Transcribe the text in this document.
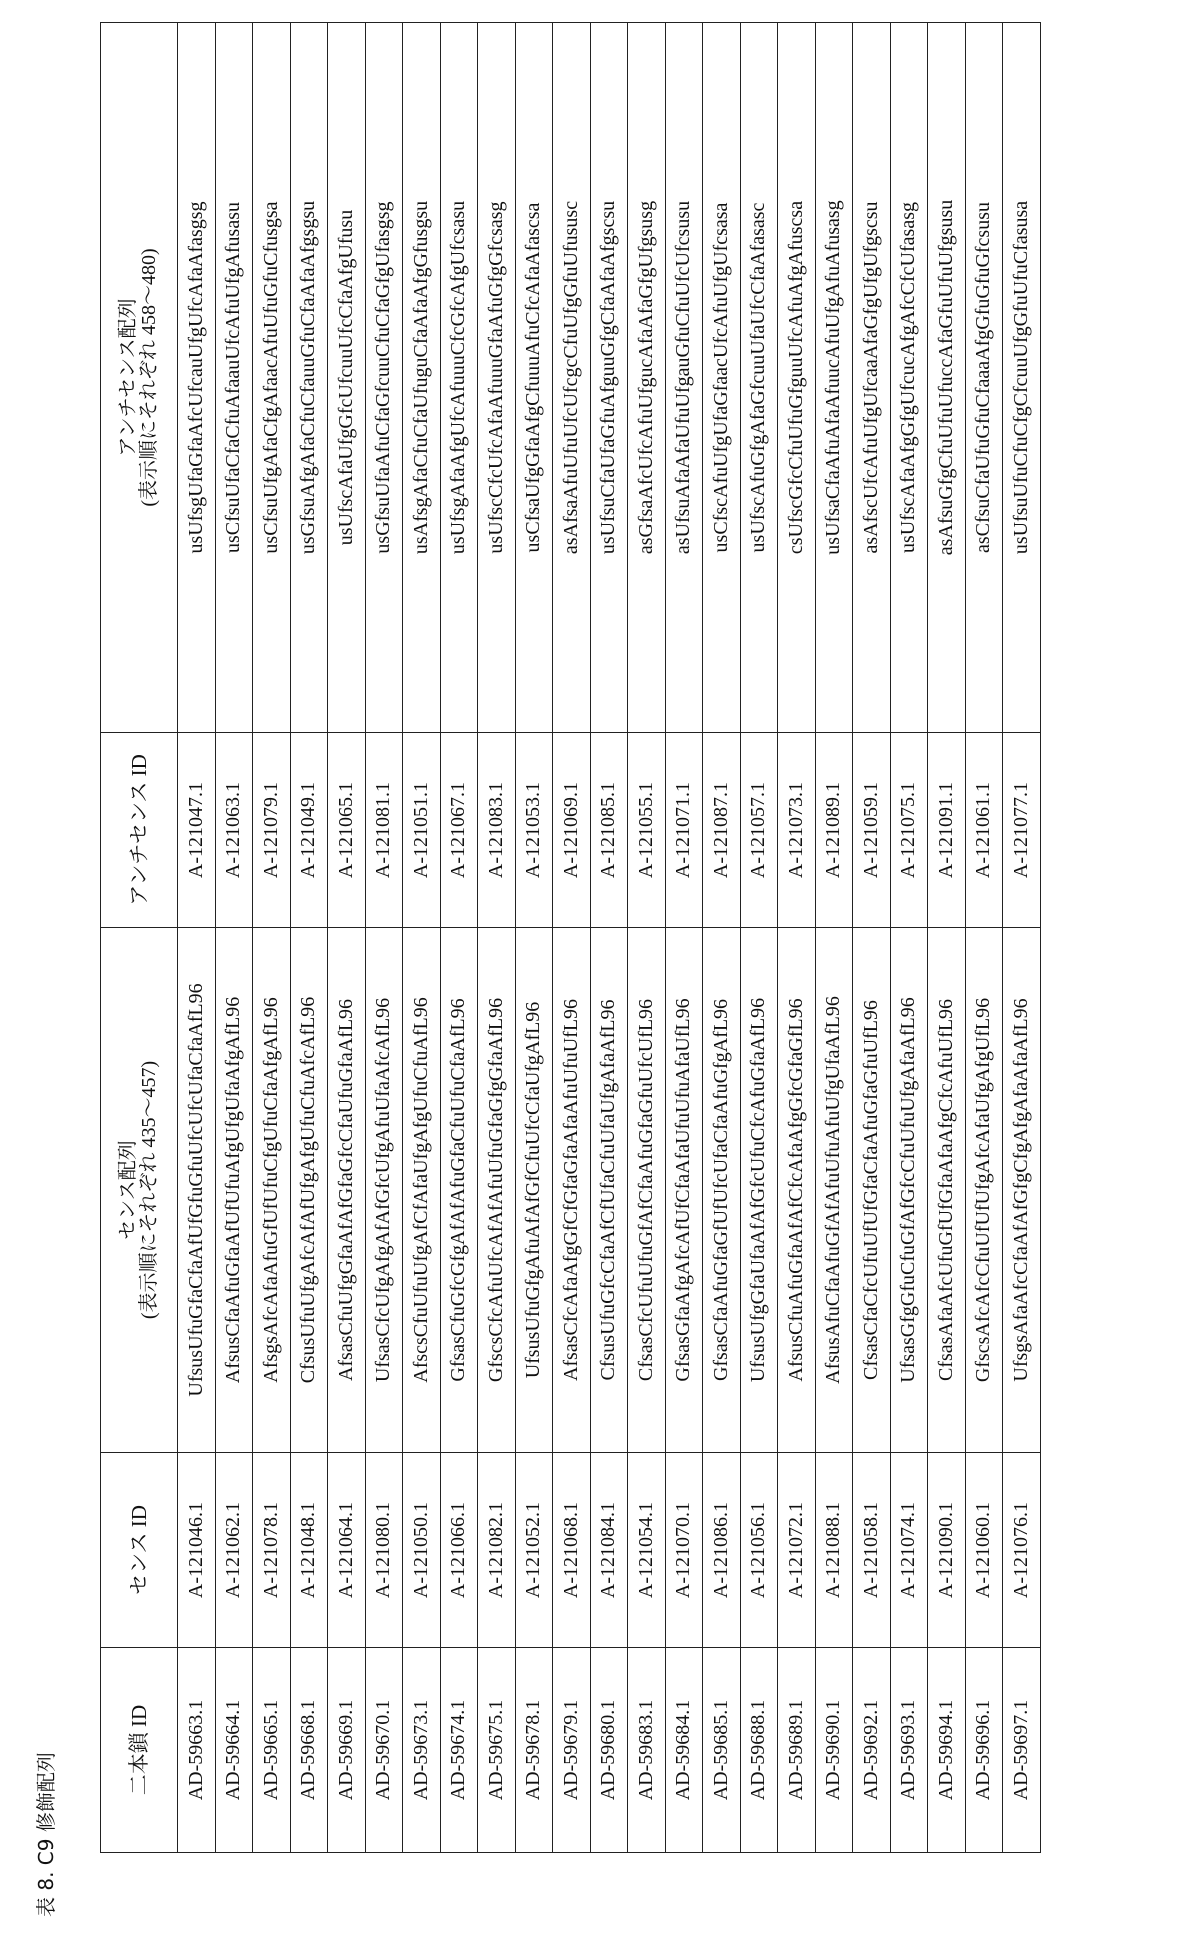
表 8. C9 修飾配列
二本鎖 ID	センス ID	センス配列 (表示順にそれぞれ 435〜457)	アンチセンス ID	アンチセンス配列 (表示順にそれぞれ 458〜480)

AD-59663.1	A-121046.1	UfsusUfuGfaCfaAfUfGfuGfuUfcUfcUfaCfaAfL96	A-121047.1	usUfsgUfaGfaAfcUfcauUfgUfcAfaAfasgsg
AD-59664.1	A-121062.1	AfsusCfaAfuGfaAfUfUfuAfgUfgUfaAfgAfL96	A-121063.1	usCfsuUfaCfaCfuAfaauUfcAfuUfgAfusasu
AD-59665.1	A-121078.1	AfsgsAfcAfaAfuGfUfUfuCfgUfuCfaAfgAfL96	A-121079.1	usCfsuUfgAfaCfgAfaacAfuUfuGfuCfusgsa
AD-59668.1	A-121048.1	CfsusUfuUfgAfcAfAfUfgAfgUfuCfuAfcAfL96	A-121049.1	usGfsuAfgAfaCfuCfauuGfuCfaAfaAfgsgsu
AD-59669.1	A-121064.1	AfsasCfuUfgGfaAfAfGfaGfcCfaUfuGfaAfL96	A-121065.1	usUfscAfaUfgGfcUfcuuUfcCfaAfgUfusu
AD-59670.1	A-121080.1	UfsasCfcUfgAfgAfAfGfcUfgAfuUfaAfcAfL96	A-121081.1	usGfsuUfaAfuCfaGfcuuCfuCfaGfgUfasgsg
AD-59673.1	A-121050.1	AfscsCfuUfuUfgAfCfAfaUfgAfgUfuCfuAfL96	A-121051.1	usAfsgAfaCfuCfaUfuguCfaAfaAfgGfusgsu
AD-59674.1	A-121066.1	GfsasCfuGfcGfgAfAfAfuGfaCfuUfuCfaAfL96	A-121067.1	usUfsgAfaAfgUfcAfuuuCfcGfcAfgUfcsasu
AD-59675.1	A-121082.1	GfscsCfcAfuUfcAfAfAfuUfuGfaGfgGfaAfL96	A-121083.1	usUfscCfcUfcAfaAfuuuGfaAfuGfgGfcsasg
AD-59678.1	A-121052.1	UfsusUfuGfgAfuAfAfGfCfuUfcCfaUfgAfL96	A-121053.1	usCfsaUfgGfaAfgCfuuuAfuCfcAfaAfascsa
AD-59679.1	A-121068.1	AfsasCfcAfaAfgGfCfGfaGfaAfaAfuUfuUfL96	A-121069.1	asAfsaAfuUfuUfcUfcgcCfuUfgGfuUfususc
AD-59680.1	A-121084.1	CfsusUfuGfcCfaAfCfUfaCfuUfaUfgAfaAfL96	A-121085.1	usUfsuCfaUfaGfuAfguuGfgCfaAfaAfgscsu
AD-59683.1	A-121054.1	CfsasCfcUfuUfuGfAfCfaAfuGfaGfuUfcUfL96	A-121055.1	asGfsaAfcUfcAfuUfgucAfaAfaGfgUfgsusg
AD-59684.1	A-121070.1	GfsasGfaAfgAfcAfUfCfaAfaUfuUfuAfaUfL96	A-121071.1	asUfsuAfaAfaUfuUfgauGfuCfuUfcUfcsusu
AD-59685.1	A-121086.1	GfsasCfaAfuGfaGfUfUfcUfaCfaAfuGfgAfL96	A-121087.1	usCfscAfuUfgUfaGfaacUfcAfuUfgUfcsasa
AD-59688.1	A-121056.1	UfsusUfgGfaUfaAfAfGfcUfuCfcAfuGfaAfL96	A-121057.1	usUfscAfuGfgAfaGfcuuUfaUfcCfaAfasasc
AD-59689.1	A-121072.1	AfsusCfuAfuGfaAfAfCfcAfaAfgGfcGfaGfL96	A-121073.1	csUfscGfcCfuUfuGfguuUfcAfuAfgAfuscsa
AD-59690.1	A-121088.1	AfsusAfuCfaAfuGfAfAfuUfuAfuUfgUfaAfL96	A-121089.1	usUfsaCfaAfuAfaAfuucAfuUfgAfuAfusasg
AD-59692.1	A-121058.1	CfsasCfaCfcUfuUfUfGfaCfaAfuGfaGfuUfL96	A-121059.1	asAfscUfcAfuUfgUfcaaAfaGfgUfgUfgscsu
AD-59693.1	A-121074.1	UfsasGfgGfuCfuGfAfGfcCfuUfuUfgAfaAfL96	A-121075.1	usUfscAfaAfgGfgUfcucAfgAfcCfcUfasasg
AD-59694.1	A-121090.1	CfsasAfaAfcUfuGfUfGfaAfaAfgCfcAfuUfL96	A-121091.1	asAfsuGfgCfuUfuUfuccAfaGfuUfuUfgsusu
AD-59696.1	A-121060.1	GfscsAfcAfcCfuUfUfUfgAfcAfaUfgAfgUfL96	A-121061.1	asCfsuCfaUfuGfuCfaaaAfgGfuGfuGfcsusu
AD-59697.1	A-121076.1	UfsgsAfaAfcCfaAfAfGfgCfgAfgAfaAfaAfL96	A-121077.1	usUfsuUfuCfuCfgCfcuuUfgGfuUfuCfasusa
